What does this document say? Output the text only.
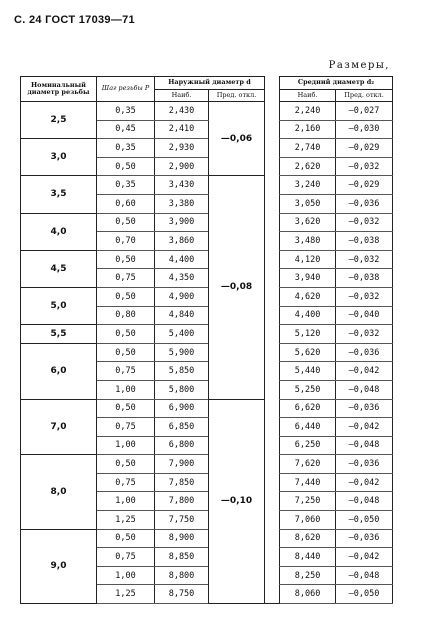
С. 24 ГОСТ 17039—71
Размеры,
Номинальный диаметр резьбы	Шаг резьбы P	Наружный диаметр d			Средний диаметр d₂	
		Наиб.	Пред. откл.		Наиб.	Пред. откл.
2,5	0,35	2,430	—0,06		2,240	—0,027
	0,45	2,410			2,160	—0,030
3,0	0,35	2,930			2,740	—0,029
	0,50	2,900			2,620	—0,032
3,5	0,35	3,430	—0,08		3,240	—0,029
	0,60	3,380			3,050	—0,036
4,0	0,50	3,900			3,620	—0,032
	0,70	3,860			3,480	—0,038
4,5	0,50	4,400			4,120	—0,032
	0,75	4,350			3,940	—0,038
5,0	0,50	4,900			4,620	—0,032
	0,80	4,840			4,400	—0,040
5,5	0,50	5,400			5,120	—0,032
6,0	0,50	5,900			5,620	—0,036
	0,75	5,850			5,440	—0,042
	1,00	5,800			5,250	—0,048
7,0	0,50	6,900	—0,10		6,620	—0,036
	0,75	6,850			6,440	—0,042
	1,00	6,800			6,250	—0,048
8,0	0,50	7,900			7,620	—0,036
	0,75	7,850			7,440	—0,042
	1,00	7,800			7,250	—0,048
	1,25	7,750			7,060	—0,050
9,0	0,50	8,900			8,620	—0,036
	0,75	8,850			8,440	—0,042
	1,00	8,800			8,250	—0,048
	1,25	8,750			8,060	—0,050
